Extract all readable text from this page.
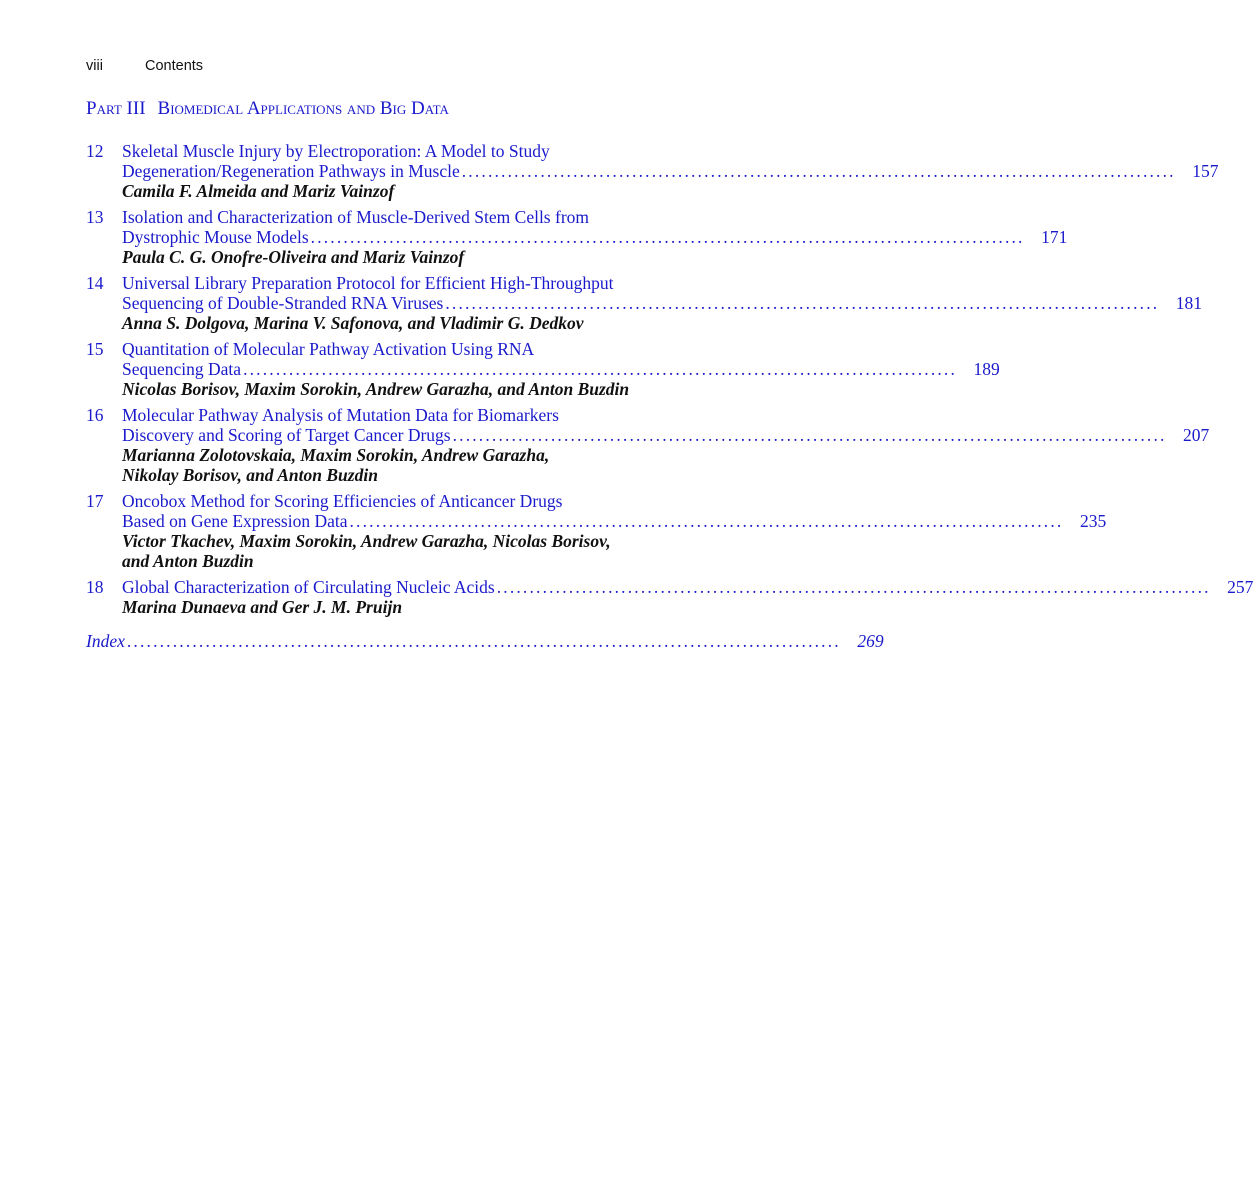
viii	Contents
Part III Biomedical Applications and Big Data
12	Skeletal Muscle Injury by Electroporation: A Model to Study
Degeneration/Regeneration Pathways in Muscle . . .	157
Camila F. Almeida and Mariz Vainzof
13	Isolation and Characterization of Muscle-Derived Stem Cells from
Dystrophic Mouse Models . . .	171
Paula C. G. Onofre-Oliveira and Mariz Vainzof
14	Universal Library Preparation Protocol for Efficient High-Throughput
Sequencing of Double-Stranded RNA Viruses . . .	181
Anna S. Dolgova, Marina V. Safonova, and Vladimir G. Dedkov
15	Quantitation of Molecular Pathway Activation Using RNA
Sequencing Data . . .	189
Nicolas Borisov, Maxim Sorokin, Andrew Garazha, and Anton Buzdin
16	Molecular Pathway Analysis of Mutation Data for Biomarkers
Discovery and Scoring of Target Cancer Drugs . . .	207
Marianna Zolotovskaia, Maxim Sorokin, Andrew Garazha,
Nikolay Borisov, and Anton Buzdin
17	Oncobox Method for Scoring Efficiencies of Anticancer Drugs
Based on Gene Expression Data . . .	235
Victor Tkachev, Maxim Sorokin, Andrew Garazha, Nicolas Borisov,
and Anton Buzdin
18	Global Characterization of Circulating Nucleic Acids . . .	257
Marina Dunaeva and Ger J. M. Pruijn
Index . . .	269
